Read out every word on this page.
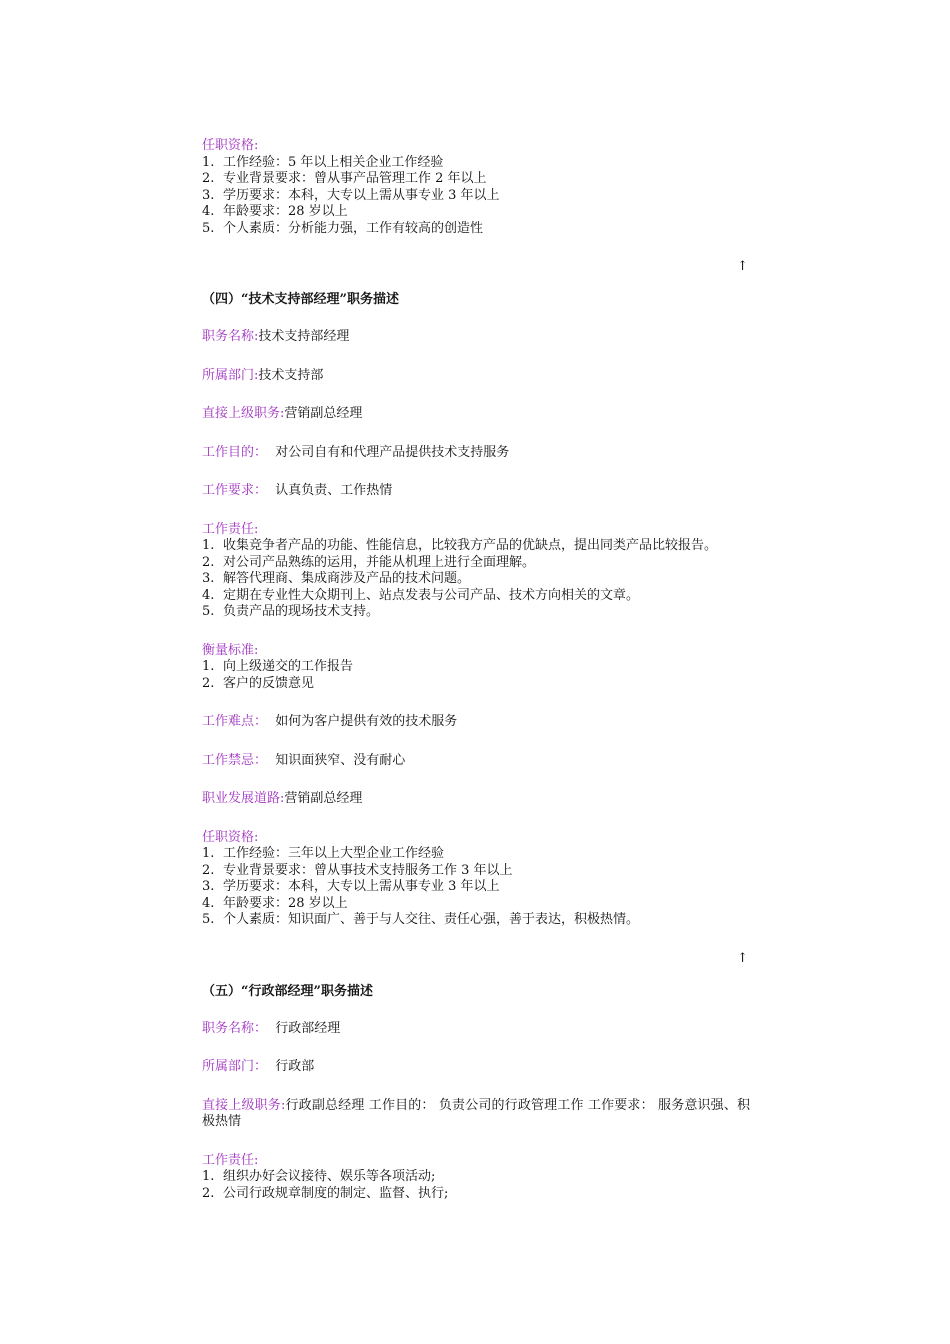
任职资格:

1. 工作经验：5 年以上相关企业工作经验

2. 专业背景要求：曾从事产品管理工作 2 年以上

3. 学历要求：本科，大专以上需从事专业 3 年以上

4. 年龄要求：28 岁以上

5. 个人素质：分析能力强，工作有较高的创造性

↑

（四）“技术支持部经理”职务描述

职务名称:技术支持部经理

所属部门:技术支持部

直接上级职务:营销副总经理

工作目的： 对公司自有和代理产品提供技术支持服务

工作要求： 认真负责、工作热情

工作责任:

1. 收集竞争者产品的功能、性能信息，比较我方产品的优缺点，提出同类产品比较报告。

2. 对公司产品熟练的运用，并能从机理上进行全面理解。

3. 解答代理商、集成商涉及产品的技术问题。

4. 定期在专业性大众期刊上、站点发表与公司产品、技术方向相关的文章。

5. 负责产品的现场技术支持。

衡量标准:

1. 向上级递交的工作报告

2. 客户的反馈意见

工作难点： 如何为客户提供有效的技术服务

工作禁忌： 知识面狭窄、没有耐心

职业发展道路:营销副总经理

任职资格:

1. 工作经验：三年以上大型企业工作经验

2. 专业背景要求：曾从事技术支持服务工作 3 年以上

3. 学历要求：本科，大专以上需从事专业 3 年以上

4. 年龄要求：28 岁以上

5. 个人素质：知识面广、善于与人交往、责任心强，善于表达，积极热情。

↑

（五）“行政部经理”职务描述

职务名称： 行政部经理

所属部门： 行政部

直接上级职务:行政副总经理 工作目的： 负责公司的行政管理工作 工作要求： 服务意识强、积极热情

工作责任:

1. 组织办好会议接待、娱乐等各项活动;

2. 公司行政规章制度的制定、监督、执行;
